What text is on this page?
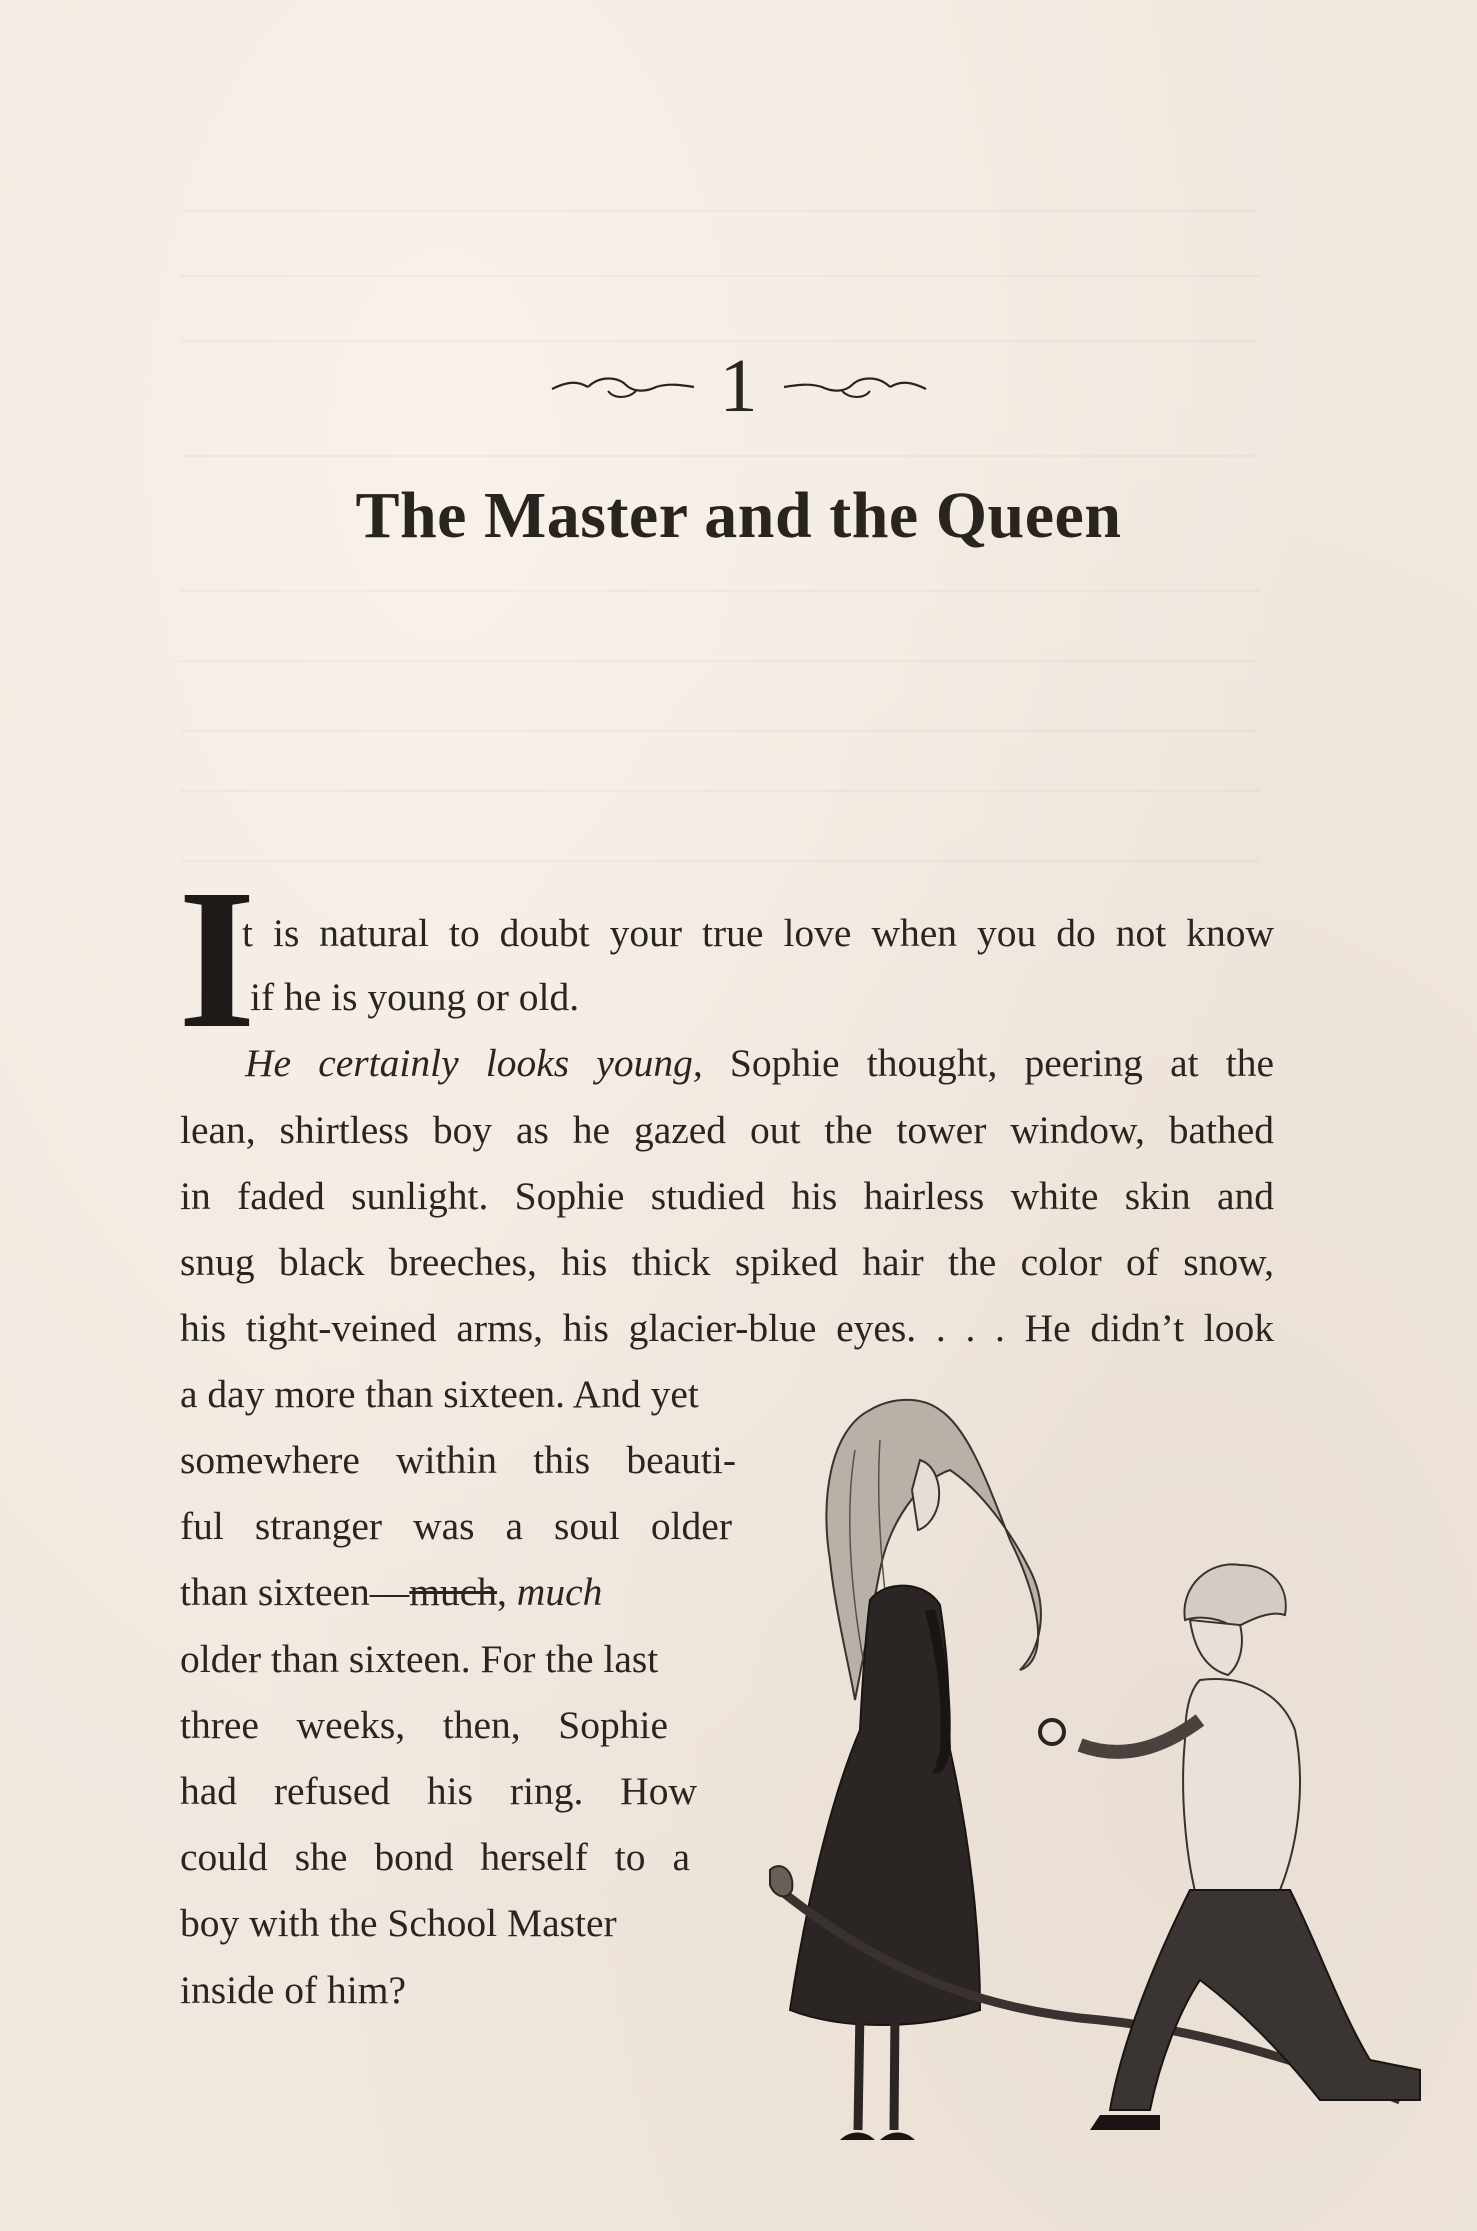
1
The Master and the Queen
I
t is natural to doubt your true love when you do not know
if he is young or old.
He certainly looks young, Sophie thought, peering at the
lean, shirtless boy as he gazed out the tower window, bathed
in faded sunlight. Sophie studied his hairless white skin and
snug black breeches, his thick spiked hair the color of snow,
his tight-veined arms, his glacier-blue eyes. . . . He didn’t look
a day more than sixteen. And yet
somewhere within this beauti-
ful stranger was a soul older
than sixteen—much, much
older than sixteen. For the last
three weeks, then, Sophie
had refused his ring. How
could she bond herself to a
boy with the School Master
inside of him?
